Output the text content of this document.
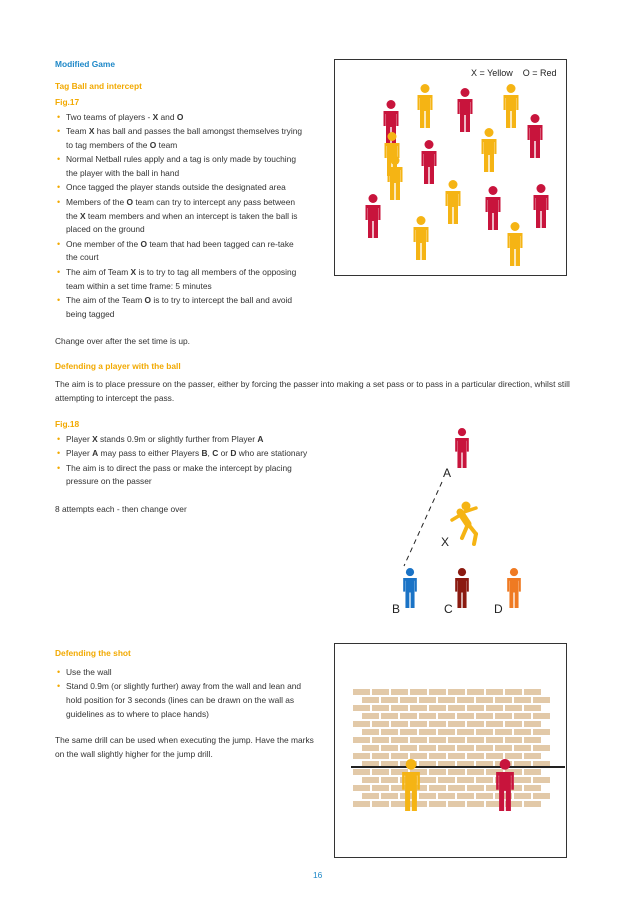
Modified Game
Tag Ball and intercept
Fig.17
• Two teams of players - X and O
• Team X has ball and passes the ball amongst themselves trying to tag members of the O team
• Normal Netball rules apply and a tag is only made by touching the player with the ball in hand
• Once tagged the player stands outside the designated area
• Members of the O team can try to intercept any pass between the X team members and when an intercept is taken the ball is placed on the ground
• One member of the O team that had been tagged can re-take the court
• The aim of Team X is to try to tag all members of the opposing team within a set time frame: 5 minutes
• The aim of the Team O is to try to intercept the ball and avoid being tagged
Change over after the set time is up.
X = Yellow    O = Red
Defending a player with the ball
The aim is to place pressure on the passer, either by forcing the passer into making a set pass or to pass in a particular direction, whilst still attempting to intercept the pass.
Fig.18
• Player X stands 0.9m or slightly further from Player A
• Player A may pass to either Players B, C or D who are stationary
• The aim is to direct the pass or make the intercept by placing pressure on the passer
8 attempts each - then change over
A
X
B	C	D
Defending the shot
• Use the wall
• Stand 0.9m (or slightly further) away from the wall and lean and hold position for 3 seconds (lines can be drawn on the wall as guidelines as to where to place hands)
The same drill can be used when executing the jump. Have the marks on the wall slightly higher for the jump drill.
16
